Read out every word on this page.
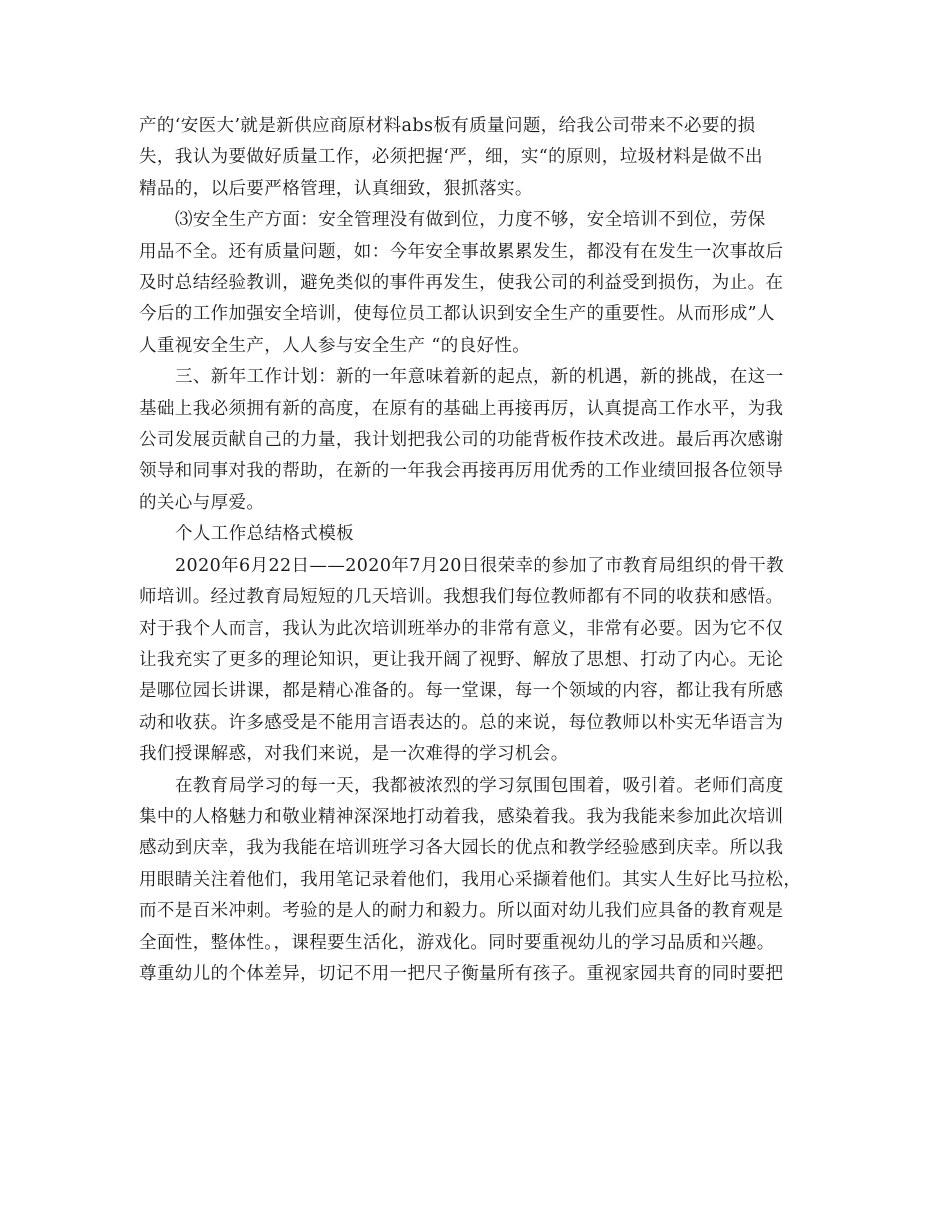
产的‘安医大’就是新供应商原材料abs板有质量问题，给我公司带来不必要的损
失，我认为要做好质量工作，必须把握‘严，细，实“的原则，垃圾材料是做不出
精品的，以后要严格管理，认真细致，狠抓落实。
⑶安全生产方面：安全管理没有做到位，力度不够，安全培训不到位，劳保
用品不全。还有质量问题，如：今年安全事故累累发生，都没有在发生一次事故后
及时总结经验教训，避免类似的事件再发生，使我公司的利益受到损伤，为止。在
今后的工作加强安全培训，使每位员工都认识到安全生产的重要性。从而形成”人
人重视安全生产，人人参与安全生产 “的良好性。
三、新年工作计划：新的一年意味着新的起点，新的机遇，新的挑战，在这一
基础上我必须拥有新的高度，在原有的基础上再接再厉，认真提高工作水平，为我
公司发展贡献自己的力量，我计划把我公司的功能背板作技术改进。最后再次感谢
领导和同事对我的帮助，在新的一年我会再接再厉用优秀的工作业绩回报各位领导
的关心与厚爱。
个人工作总结格式模板
2020年6月22日——2020年7月20日很荣幸的参加了市教育局组织的骨干教
师培训。经过教育局短短的几天培训。我想我们每位教师都有不同的收获和感悟。
对于我个人而言，我认为此次培训班举办的非常有意义，非常有必要。因为它不仅
让我充实了更多的理论知识，更让我开阔了视野、解放了思想、打动了内心。无论
是哪位园长讲课，都是精心准备的。每一堂课，每一个领域的内容，都让我有所感
动和收获。许多感受是不能用言语表达的。总的来说，每位教师以朴实无华语言为
我们授课解惑，对我们来说，是一次难得的学习机会。
在教育局学习的每一天，我都被浓烈的学习氛围包围着，吸引着。老师们高度
集中的人格魅力和敬业精神深深地打动着我，感染着我。我为我能来参加此次培训
感动到庆幸，我为我能在培训班学习各大园长的优点和教学经验感到庆幸。所以我
用眼睛关注着他们，我用笔记录着他们，我用心采撷着他们。其实人生好比马拉松，
而不是百米冲刺。考验的是人的耐力和毅力。所以面对幼儿我们应具备的教育观是
全面性，整体性。，课程要生活化，游戏化。同时要重视幼儿的学习品质和兴趣。
尊重幼儿的个体差异，切记不用一把尺子衡量所有孩子。重视家园共育的同时要把
